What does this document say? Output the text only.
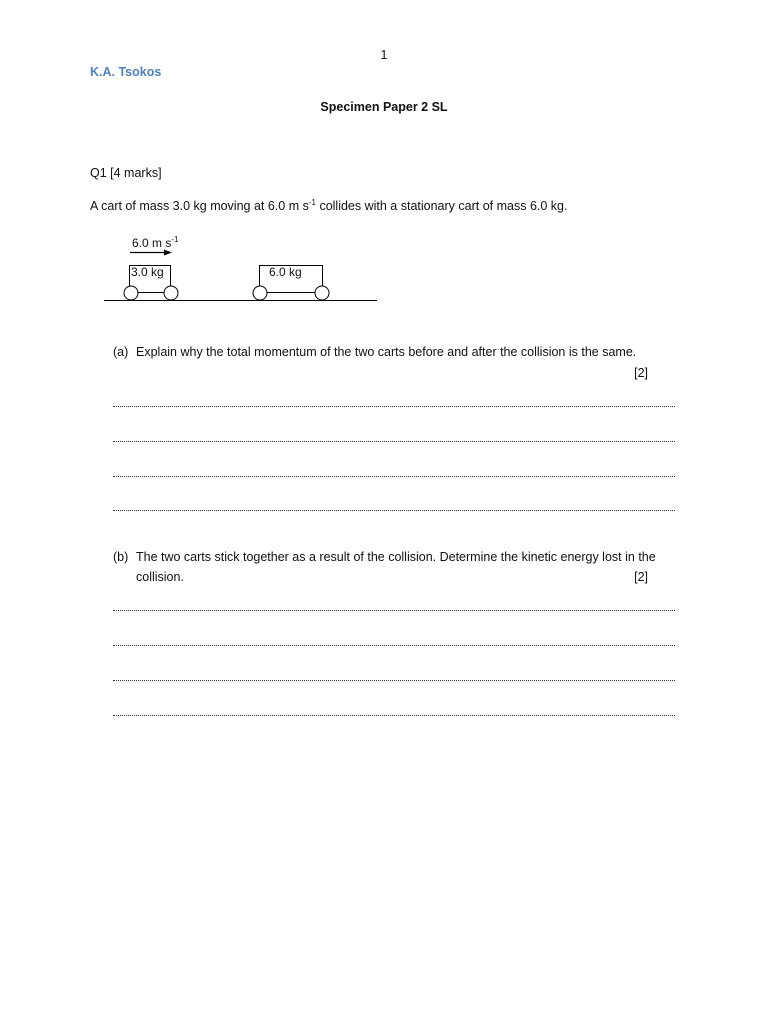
1
K.A. Tsokos
Specimen Paper 2 SL
Q1 [4 marks]
A cart of mass 3.0 kg moving at 6.0 m $s^{-1}$ collides with a stationary cart of mass 6.0 kg.
6.0 m $s^{-1}$
3.0 kg	6.0 kg
(a) Explain why the total momentum of the two carts before and after the collision is the same.
[2]
(b) The two carts stick together as a result of the collision. Determine the kinetic energy lost in the
collision.	[2]
